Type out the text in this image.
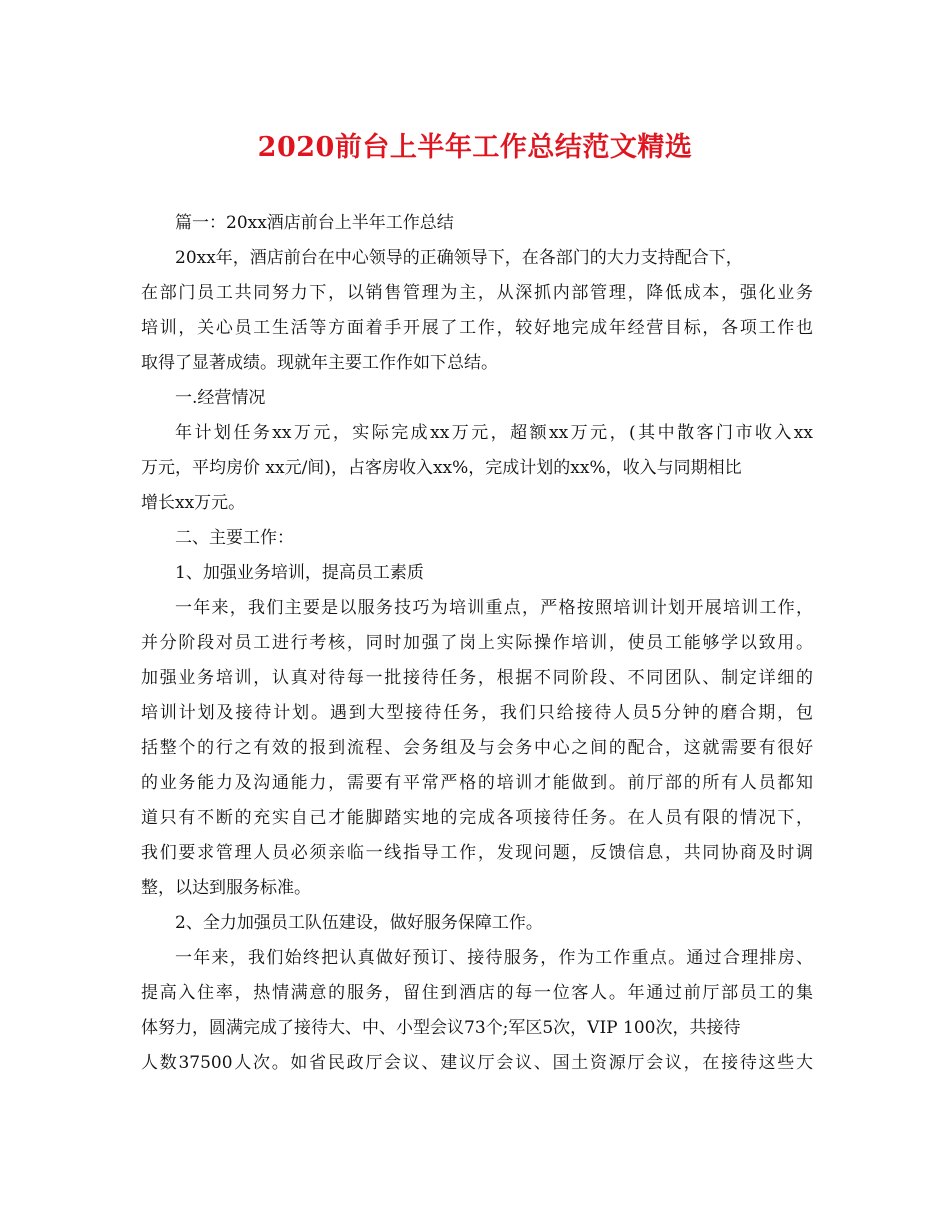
2020前台上半年工作总结范文精选
篇一：20xx酒店前台上半年工作总结
20xx年，酒店前台在中心领导的正确领导下，在各部门的大力支持配合下，
在部门员工共同努力下，以销售管理为主，从深抓内部管理，降低成本，强化业务
培训，关心员工生活等方面着手开展了工作，较好地完成年经营目标，各项工作也
取得了显著成绩。现就年主要工作作如下总结。
一.经营情况
年计划任务xx万元，实际完成xx万元，超额xx万元，(其中散客门市收入xx
万元，平均房价 xx元/间)，占客房收入xx%，完成计划的xx%，收入与同期相比
增长xx万元。
二、主要工作：
1、加强业务培训，提高员工素质
一年来，我们主要是以服务技巧为培训重点，严格按照培训计划开展培训工作，
并分阶段对员工进行考核，同时加强了岗上实际操作培训，使员工能够学以致用。
加强业务培训，认真对待每一批接待任务，根据不同阶段、不同团队、制定详细的
培训计划及接待计划。遇到大型接待任务，我们只给接待人员5分钟的磨合期，包
括整个的行之有效的报到流程、会务组及与会务中心之间的配合，这就需要有很好
的业务能力及沟通能力，需要有平常严格的培训才能做到。前厅部的所有人员都知
道只有不断的充实自己才能脚踏实地的完成各项接待任务。在人员有限的情况下，
我们要求管理人员必须亲临一线指导工作，发现问题，反馈信息，共同协商及时调
整，以达到服务标准。
2、全力加强员工队伍建设，做好服务保障工作。
一年来，我们始终把认真做好预订、接待服务，作为工作重点。通过合理排房、
提高入住率，热情满意的服务，留住到酒店的每一位客人。年通过前厅部员工的集
体努力，圆满完成了接待大、中、小型会议73个;军区5次，VIP 100次，共接待
人数37500人次。如省民政厅会议、建议厅会议、国土资源厅会议，在接待这些大
